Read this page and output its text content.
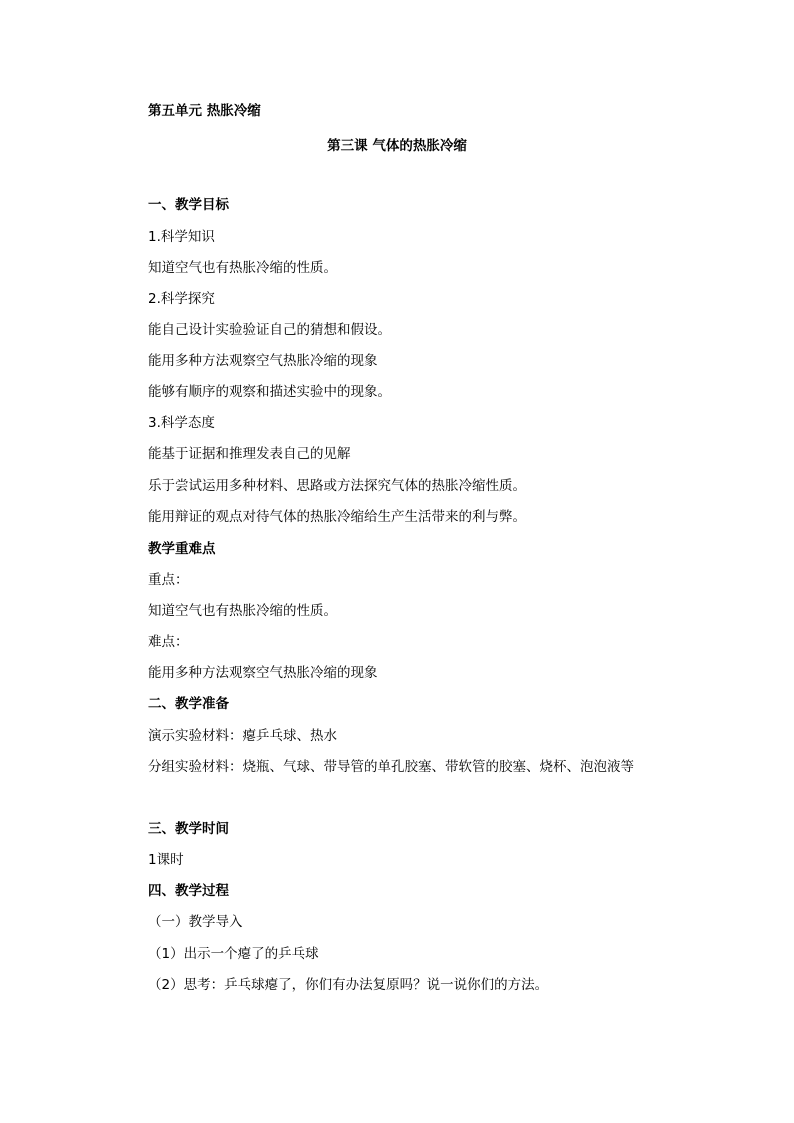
第五单元 热胀冷缩
第三课 气体的热胀冷缩
一、教学目标
1.科学知识
知道空气也有热胀冷缩的性质。
2.科学探究
能自己设计实验验证自己的猜想和假设。
能用多种方法观察空气热胀冷缩的现象
能够有顺序的观察和描述实验中的现象。
3.科学态度
能基于证据和推理发表自己的见解
乐于尝试运用多种材料、思路或方法探究气体的热胀冷缩性质。
能用辩证的观点对待气体的热胀冷缩给生产生活带来的利与弊。
教学重难点
重点：
知道空气也有热胀冷缩的性质。
难点：
能用多种方法观察空气热胀冷缩的现象
二、教学准备
演示实验材料：瘪乒乓球、热水
分组实验材料：烧瓶、气球、带导管的单孔胶塞、带软管的胶塞、烧杯、泡泡液等
三、教学时间
1课时
四、教学过程
（一）教学导入
（1）出示一个瘪了的乒乓球
（2）思考：乒乓球瘪了，你们有办法复原吗？说一说你们的方法。
